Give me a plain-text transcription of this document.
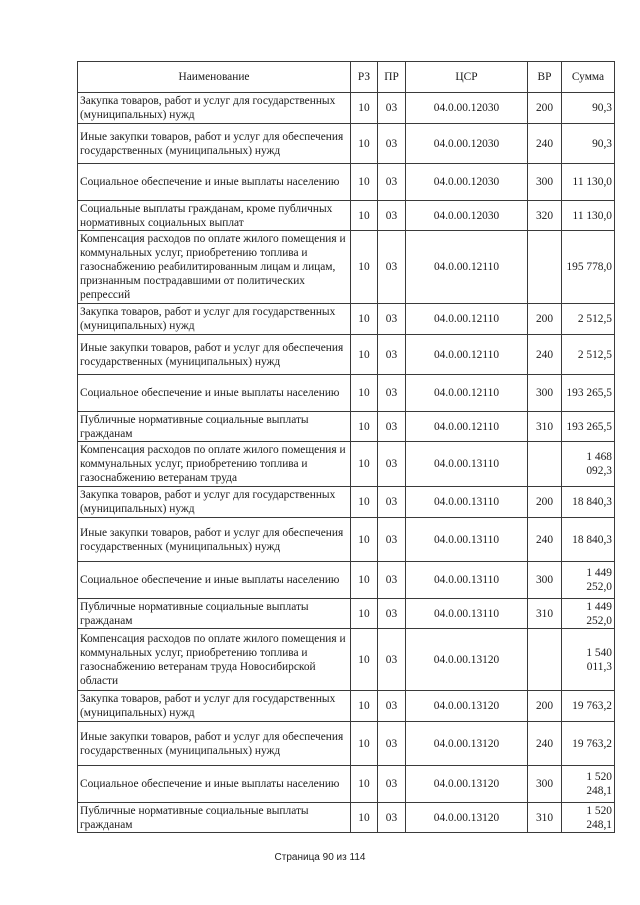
Наименование	РЗ	ПР	ЦСР	ВР	Сумма
Закупка товаров, работ и услуг для государственных (муниципальных) нужд	10	03	04.0.00.12030	200	90,3
Иные закупки товаров, работ и услуг для обеспечения государственных (муниципальных) нужд	10	03	04.0.00.12030	240	90,3
Социальное обеспечение и иные выплаты населению	10	03	04.0.00.12030	300	11 130,0
Социальные выплаты гражданам, кроме публичных нормативных социальных выплат	10	03	04.0.00.12030	320	11 130,0
Компенсация расходов по оплате жилого помещения и коммунальных услуг, приобретению топлива и газоснабжению реабилитированным лицам и лицам, признанным пострадавшими от политических репрессий	10	03	04.0.00.12110		195 778,0
Закупка товаров, работ и услуг для государственных (муниципальных) нужд	10	03	04.0.00.12110	200	2 512,5
Иные закупки товаров, работ и услуг для обеспечения государственных (муниципальных) нужд	10	03	04.0.00.12110	240	2 512,5
Социальное обеспечение и иные выплаты населению	10	03	04.0.00.12110	300	193 265,5
Публичные нормативные социальные выплаты гражданам	10	03	04.0.00.12110	310	193 265,5
Компенсация расходов по оплате жилого помещения и коммунальных услуг, приобретению топлива и газоснабжению ветеранам труда	10	03	04.0.00.13110		1 468 092,3
Закупка товаров, работ и услуг для государственных (муниципальных) нужд	10	03	04.0.00.13110	200	18 840,3
Иные закупки товаров, работ и услуг для обеспечения государственных (муниципальных) нужд	10	03	04.0.00.13110	240	18 840,3
Социальное обеспечение и иные выплаты населению	10	03	04.0.00.13110	300	1 449 252,0
Публичные нормативные социальные выплаты гражданам	10	03	04.0.00.13110	310	1 449 252,0
Компенсация расходов по оплате жилого помещения и коммунальных услуг, приобретению топлива и газоснабжению ветеранам труда Новосибирской области	10	03	04.0.00.13120		1 540 011,3
Закупка товаров, работ и услуг для государственных (муниципальных) нужд	10	03	04.0.00.13120	200	19 763,2
Иные закупки товаров, работ и услуг для обеспечения государственных (муниципальных) нужд	10	03	04.0.00.13120	240	19 763,2
Социальное обеспечение и иные выплаты населению	10	03	04.0.00.13120	300	1 520 248,1
Публичные нормативные социальные выплаты гражданам	10	03	04.0.00.13120	310	1 520 248,1
Страница 90 из 114
